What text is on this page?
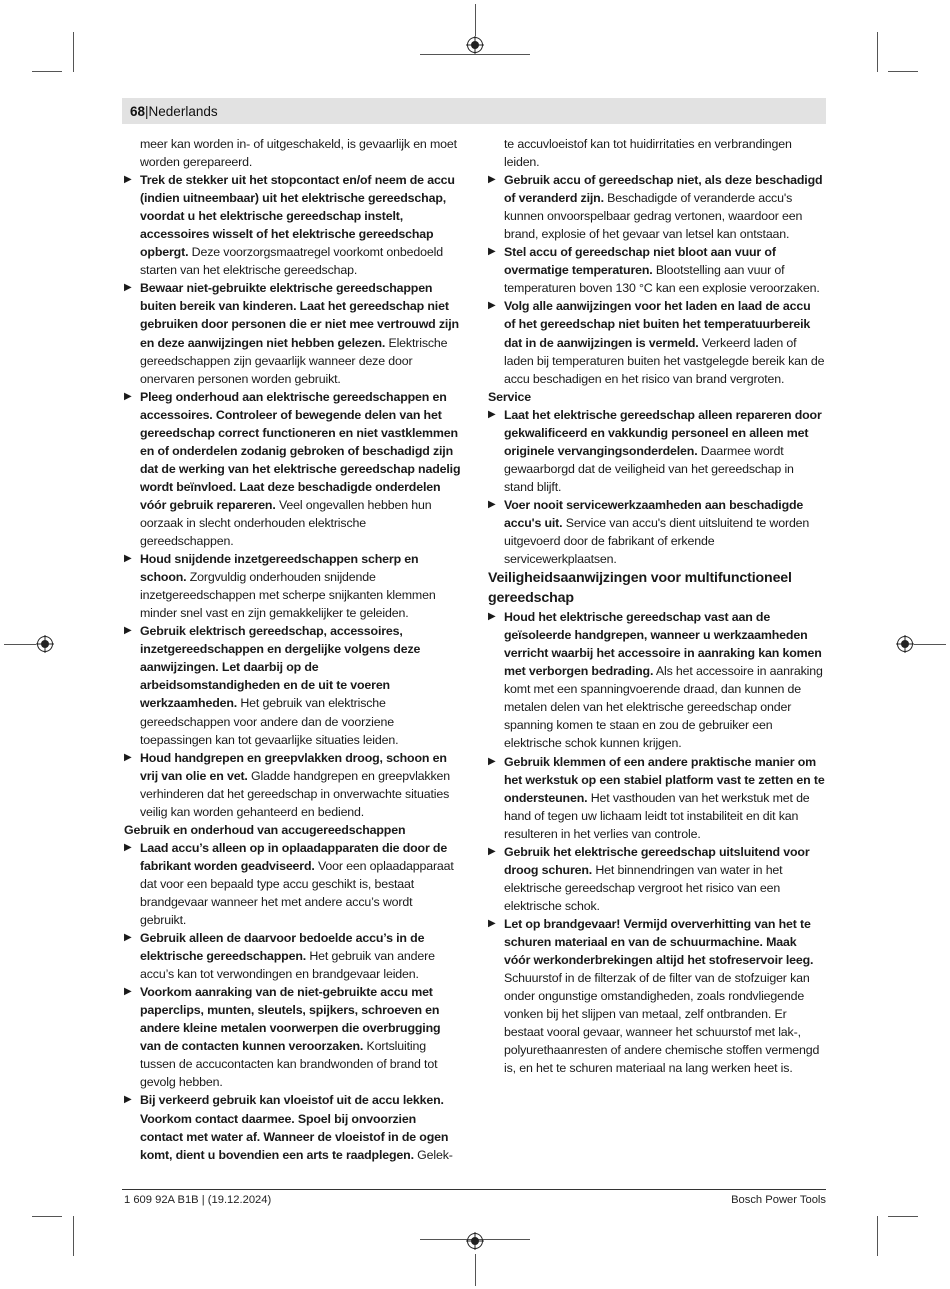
68|Nederlands

meer kan worden in- of uitgeschakeld, is gevaarlijk en moet worden gerepareerd.

▶ Trek de stekker uit het stopcontact en/of neem de accu (indien uitneembaar) uit het elektrische gereedschap, voordat u het elektrische gereedschap instelt, accessoires wisselt of het elektrische gereedschap opbergt. Deze voorzorgsmaatregel voorkomt onbedoeld starten van het elektrische gereedschap.

▶ Bewaar niet-gebruikte elektrische gereedschappen buiten bereik van kinderen. Laat het gereedschap niet gebruiken door personen die er niet mee vertrouwd zijn en deze aanwijzingen niet hebben gelezen. Elektrische gereedschappen zijn gevaarlijk wanneer deze door onervaren personen worden gebruikt.

▶ Pleeg onderhoud aan elektrische gereedschappen en accessoires. Controleer of bewegende delen van het gereedschap correct functioneren en niet vastklemmen en of onderdelen zodanig gebroken of beschadigd zijn dat de werking van het elektrische gereedschap nadelig wordt beïnvloed. Laat deze beschadigde onderdelen vóór gebruik repareren. Veel ongevallen hebben hun oorzaak in slecht onderhouden elektrische gereedschappen.

▶ Houd snijdende inzetgereedschappen scherp en schoon. Zorgvuldig onderhouden snijdende inzetgereedschappen met scherpe snijkanten klemmen minder snel vast en zijn gemakkelijker te geleiden.

▶ Gebruik elektrisch gereedschap, accessoires, inzetgereedschappen en dergelijke volgens deze aanwijzingen. Let daarbij op de arbeidsomstandigheden en de uit te voeren werkzaamheden. Het gebruik van elektrische gereedschappen voor andere dan de voorziene toepassingen kan tot gevaarlijke situaties leiden.

▶ Houd handgrepen en greepvlakken droog, schoon en vrij van olie en vet. Gladde handgrepen en greepvlakken verhinderen dat het gereedschap in onverwachte situaties veilig kan worden gehanteerd en bediend.

Gebruik en onderhoud van accugereedschappen

▶ Laad accu’s alleen op in oplaadapparaten die door de fabrikant worden geadviseerd. Voor een oplaadapparaat dat voor een bepaald type accu geschikt is, bestaat brandgevaar wanneer het met andere accu’s wordt gebruikt.

▶ Gebruik alleen de daarvoor bedoelde accu’s in de elektrische gereedschappen. Het gebruik van andere accu’s kan tot verwondingen en brandgevaar leiden.

▶ Voorkom aanraking van de niet-gebruikte accu met paperclips, munten, sleutels, spijkers, schroeven en andere kleine metalen voorwerpen die overbrugging van de contacten kunnen veroorzaken. Kortsluiting tussen de accucontacten kan brandwonden of brand tot gevolg hebben.

▶ Bij verkeerd gebruik kan vloeistof uit de accu lekken. Voorkom contact daarmee. Spoel bij onvoorzien contact met water af. Wanneer de vloeistof in de ogen komt, dient u bovendien een arts te raadplegen. Gelek-

te accuvloeistof kan tot huidirritaties en verbrandingen leiden.

▶ Gebruik accu of gereedschap niet, als deze beschadigd of veranderd zijn. Beschadigde of veranderde accu's kunnen onvoorspelbaar gedrag vertonen, waardoor een brand, explosie of het gevaar van letsel kan ontstaan.

▶ Stel accu of gereedschap niet bloot aan vuur of overmatige temperaturen. Blootstelling aan vuur of temperaturen boven 130 °C kan een explosie veroorzaken.

▶ Volg alle aanwijzingen voor het laden en laad de accu of het gereedschap niet buiten het temperatuurbereik dat in de aanwijzingen is vermeld. Verkeerd laden of laden bij temperaturen buiten het vastgelegde bereik kan de accu beschadigen en het risico van brand vergroten.

Service

▶ Laat het elektrische gereedschap alleen repareren door gekwalificeerd en vakkundig personeel en alleen met originele vervangingsonderdelen. Daarmee wordt gewaarborgd dat de veiligheid van het gereedschap in stand blijft.

▶ Voer nooit servicewerkzaamheden aan beschadigde accu's uit. Service van accu's dient uitsluitend te worden uitgevoerd door de fabrikant of erkende servicewerkplaatsen.

Veiligheidsaanwijzingen voor multifunctioneel gereedschap

▶ Houd het elektrische gereedschap vast aan de geïsoleerde handgrepen, wanneer u werkzaamheden verricht waarbij het accessoire in aanraking kan komen met verborgen bedrading. Als het accessoire in aanraking komt met een spanningvoerende draad, dan kunnen de metalen delen van het elektrische gereedschap onder spanning komen te staan en zou de gebruiker een elektrische schok kunnen krijgen.

▶ Gebruik klemmen of een andere praktische manier om het werkstuk op een stabiel platform vast te zetten en te ondersteunen. Het vasthouden van het werkstuk met de hand of tegen uw lichaam leidt tot instabiliteit en dit kan resulteren in het verlies van controle.

▶ Gebruik het elektrische gereedschap uitsluitend voor droog schuren. Het binnendringen van water in het elektrische gereedschap vergroot het risico van een elektrische schok.

▶ Let op brandgevaar! Vermijd oververhitting van het te schuren materiaal en van de schuurmachine. Maak vóór werkonderbrekingen altijd het stofreservoir leeg. Schuurstof in de filterzak of de filter van de stofzuiger kan onder ongunstige omstandigheden, zoals rondvliegende vonken bij het slijpen van metaal, zelf ontbranden. Er bestaat vooral gevaar, wanneer het schuurstof met lak-, polyurethaanresten of andere chemische stoffen vermengd is, en het te schuren materiaal na lang werken heet is.

1 609 92A B1B | (19.12.2024)	Bosch Power Tools
